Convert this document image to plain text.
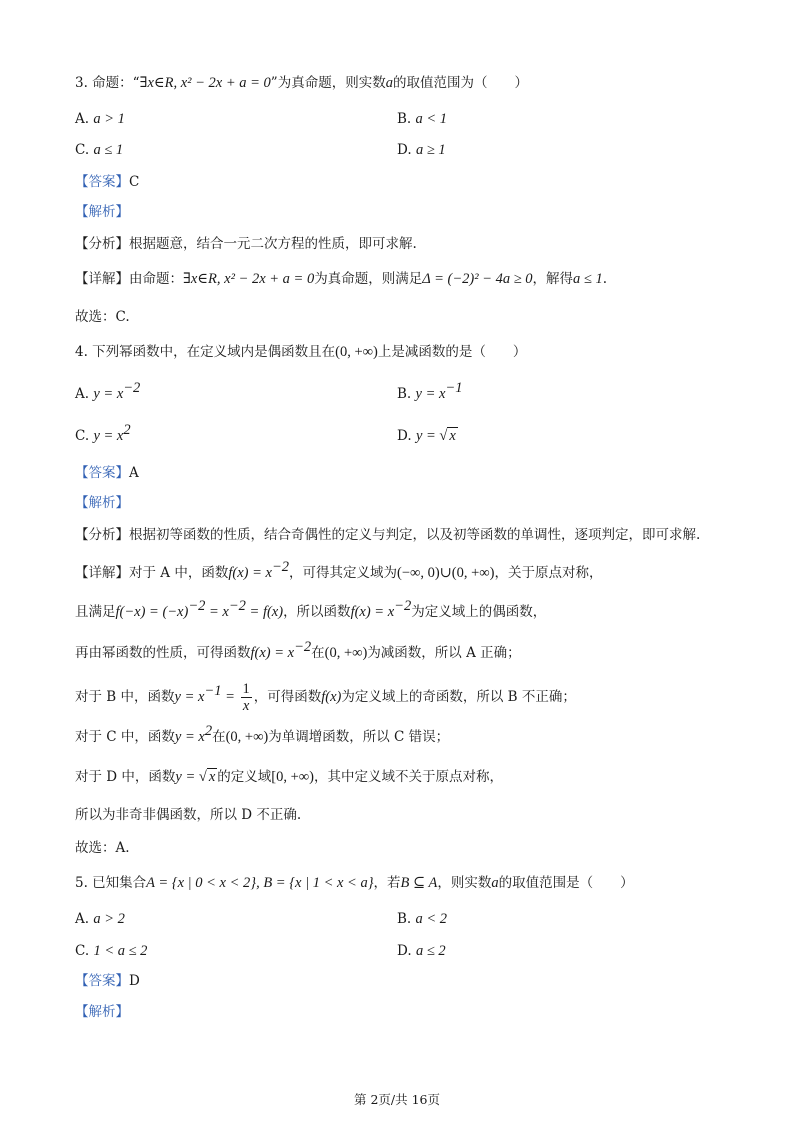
3. 命题：“∃x∈R, x² − 2x + a = 0”为真命题，则实数a的取值范围为（　　）
A. a > 1	B. a < 1
C. a ≤ 1	D. a ≥ 1
【答案】C
【解析】
【分析】根据题意，结合一元二次方程的性质，即可求解.
【详解】由命题：∃x∈R, x² − 2x + a = 0为真命题，则满足Δ = (−2)² − 4a ≥ 0，解得a ≤ 1.
故选：C.
4. 下列幂函数中，在定义域内是偶函数且在(0, +∞)上是减函数的是（　　）
A. $y = x^{-2}$	B. $y = x^{-1}$
C. $y = x^2$	D. y = √ x
【答案】A
【解析】
【分析】根据初等函数的性质，结合奇偶性的定义与判定，以及初等函数的单调性，逐项判定，即可求解.
【详解】对于 A 中，函数$f(x) = x^{-2}$，可得其定义域为(−∞, 0)∪(0, +∞)，关于原点对称，
且满足$f(-x) = (-x)^{-2} = x^{-2} = f(x)$，所以函数$f(x) = x^{-2}$为定义域上的偶函数，
再由幂函数的性质，可得函数$f(x) = x^{-2}$在(0, +∞)为减函数，所以 A 正确；
对于 B 中，函数$y = x^{-1} = \frac{1}{x}$ ，可得函数f(x)为定义域上的奇函数，所以 B 不正确；
对于 C 中，函数$y = x^2$在(0, +∞)为单调增函数，所以 C 错误；
对于 D 中，函数y = √ x 的定义域[0, +∞)，其中定义域不关于原点对称，
所以为非奇非偶函数，所以 D 不正确.
故选：A.
5. 已知集合A = {x | 0 < x < 2}, B = {x | 1 < x < a}，若B ⊆ A，则实数a的取值范围是（　　）
A. a > 2	B. a < 2
C. 1 < a ≤ 2	D. a ≤ 2
【答案】D
【解析】
第 2页/共 16页
